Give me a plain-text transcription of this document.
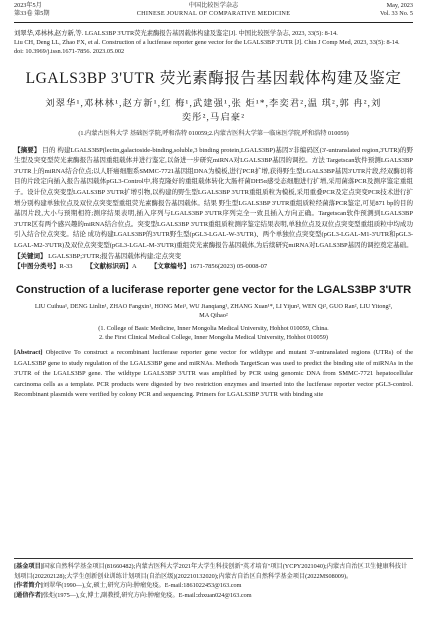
2023年5月
第33卷 第5期
中国比较医学杂志
CHINESE JOURNAL OF COMPARATIVE MEDICINE
May, 2023
Vol. 33 No. 5

刘翠华,邓林林,赵方新,等. LGALS3BP 3'UTR荧光素酶报告基因载体构建及鉴定[J]. 中国比较医学杂志, 2023, 33(5): 8-14.

Liu CH, Deng LL, Zhao FX, et al. Construction of a luciferase reporter gene vector for the LGALS3BP 3'UTR [J]. Chin J Comp Med, 2023, 33(5): 8-14.

doi: 10.3969/j.issn.1671-7856. 2023.05.002

LGALS3BP 3'UTR 荧光素酶报告基因载体构建及鉴定
刘翠华¹,邓林林¹,赵方新¹,红 梅¹,武建强¹,张 炬¹*,李奕君²,温 琪²,郭 冉²,刘奕彤²,马启豪²
(1.内蒙古医科大学 基础医学院,呼和浩特 010059;2.内蒙古医科大学第一临床医学院,呼和浩特 010059)

【摘要】 目的 构建LGALS3BP(lectin,galactoside-binding,soluble,3 binding protein,LGALS3BP)基因3'非编码区(3'-untranslated region,3'UTR)的野生型及突变型荧光素酶报告基因重组载体并进行鉴定,以备进一步研究miRNA对LGALS3BP基因的调控。方法 Targetscan软件预测LGALS3BP 3'UTR上的miRNA结合位点;以人肝癌细胞系SMMC-7721基因组DNA为模板,进行PCR扩增,获得野生型LGALS3BP基因3'UTR片段,经双酶切将目的片段定向插入报告基因载体pGL3-Control中,将克隆好的重组载体转化大肠杆菌DH5α感受态细胞进行扩增,采用菌落PCR及测序鉴定重组子。设计位点突变型LGALS3BP 3'UTR扩增引物,以构建的野生型LGALS3BP 3'UTR重组质粒为模板,采用重叠PCR及定点突变PCR技术进行扩增分别构建单独位点及双位点突变型重组荧光素酶报告基因载体。结果 野生型LGALS3BP 3'UTR重组质粒经菌落PCR鉴定,可见871 bp的目的基因片段,大小与预期相符;测序结果表明,插入序列与LGALS3BP 3'UTR序列完全一致且插入方向正确。Targetscan软件预测到LGALS3BP 3'UTR区有两个感兴趣的miRNA结合位点。突变型LGALS3BP 3'UTR重组质粒测序鉴定结果表明,单独位点及双位点突变型重组质粒中均成功引入结合位点突变。结论 成功构建LGALS3BP的3'UTR野生型(pGL3-LGAL-W-3'UTR)、两个单独位点突变型(pGL3-LGAL-M1-3'UTR和pGL3-LGAL-M2-3'UTR)及双位点突变型(pGL3-LGAL-M-3'UTR)重组荧光素酶报告基因载体,为后续研究miRNA对LGALS3BP基因的调控奠定基础。

【关键词】 LGALS3BP;3'UTR;报告基因载体构建;定点突变

【中图分类号】R-33 【文献标识码】A 【文章编号】1671-7856(2023) 05-0008-07

Construction of a luciferase reporter gene vector for the LGALS3BP 3'UTR
LIU Cuihua¹, DENG Linlin¹, ZHAO Fangxin¹, HONG Mei¹, WU Jianqiang¹, ZHANG Xuan¹*, LI Yijun², WEN Qi², GUO Ran², LIU Yitong², MA Qihao²
(1. College of Basic Medicine, Inner Mongolia Medical University, Hohhot 010059, China.
2. the First Clinical Medical College, Inner Mongolia Medical University, Hohhot 010059)

[Abstract] Objective To construct a recombinant luciferase reporter gene vector for wildtype and mutant 3'-untranslated regions (UTRs) of the LGALS3BP gene to study regulation of the LGALS3BP gene and miRNAs. Methods TargetScan was used to predict the binding site of miRNAs in the 3'UTR of the LGALS3BP gene. The wildtype LGALS3BP 3'UTR was amplified by PCR using genomic DNA from SMMC-7721 hepatocellular carcinoma cells as a template. PCR products were digested by two restriction enzymes and inserted into the luciferase reporter vector pGL3-control. Recombinant plasmids were verified by colony PCR and sequencing. Primers for LGALS3BP 3'UTR with binding site

[基金项目]国家自然科学基金项目(81660482);内蒙古医科大学2021年大学生科技创新"英才培育"项目(YCPY2021040);内蒙古自治区卫生健康科技计划项目(202202128);大学生创新创业训练计划项目(自治区级)(202210132020);内蒙古自治区自然科学基金项目(2022MS08009)。

[作者简介]刘翠华(1990—),女,硕士,研究方向:肿瘤免疫。E-mail:1861022453@163.com

[通信作者]张炬(1975—),女,博士,副教授,研究方向:肿瘤免疫。E-mail:zhxuan024@163.com
